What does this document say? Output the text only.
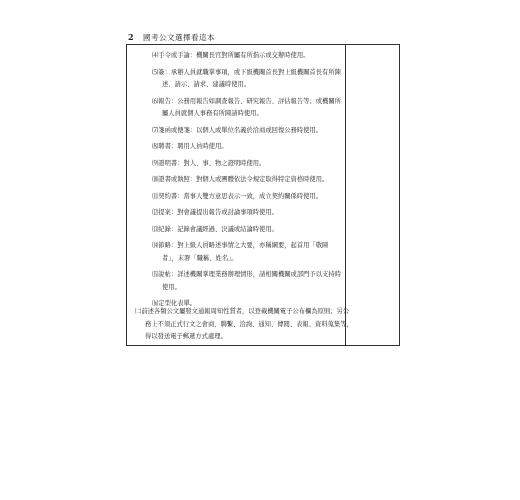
2 國考公文選擇看這本
⑷手令或手諭：機關長官對所屬有所指示或交辦時使用。
⑸簽：承辦人員就職掌事項，或下級機關首長對上級機關首長有所陳述、請示、請求、建議時使用。
⑹報告：公務用報告如調查報告、研究報告、評估報告等；或機關所屬人員就個人事務有所陳請時使用。
⑺箋函或便箋：以個人或單位名義於洽商或回復公務時使用。
⑻聘書：聘用人員時使用。
⑼證明書：對人、事、物之證明時使用。
⑽證書或執照：對個人或團體依法令規定取得特定資格時使用。
⑾契約書：當事人雙方意思表示一致，成立契約關係時使用。
⑿提案：對會議提出報告或討論事項時使用。
⒀紀錄：記錄會議經過、決議或結論時使用。
⒁節略：對上級人員略述事情之大要，亦稱綱要，起首用「敬陳者」，末署「職稱、姓名」。
⒂說帖：詳述機關掌理業務辦理情形，請相關機關或部門予以支持時使用。
⒃定型化表單。
㈡前述各類公文屬發文通報周知性質者，以登載機關電子公布欄為原則；另公務上不須正式行文之會商、聯繫、洽詢、通知、傳閱、表報、資料蒐集等，得以發送電子郵遞方式處理。
